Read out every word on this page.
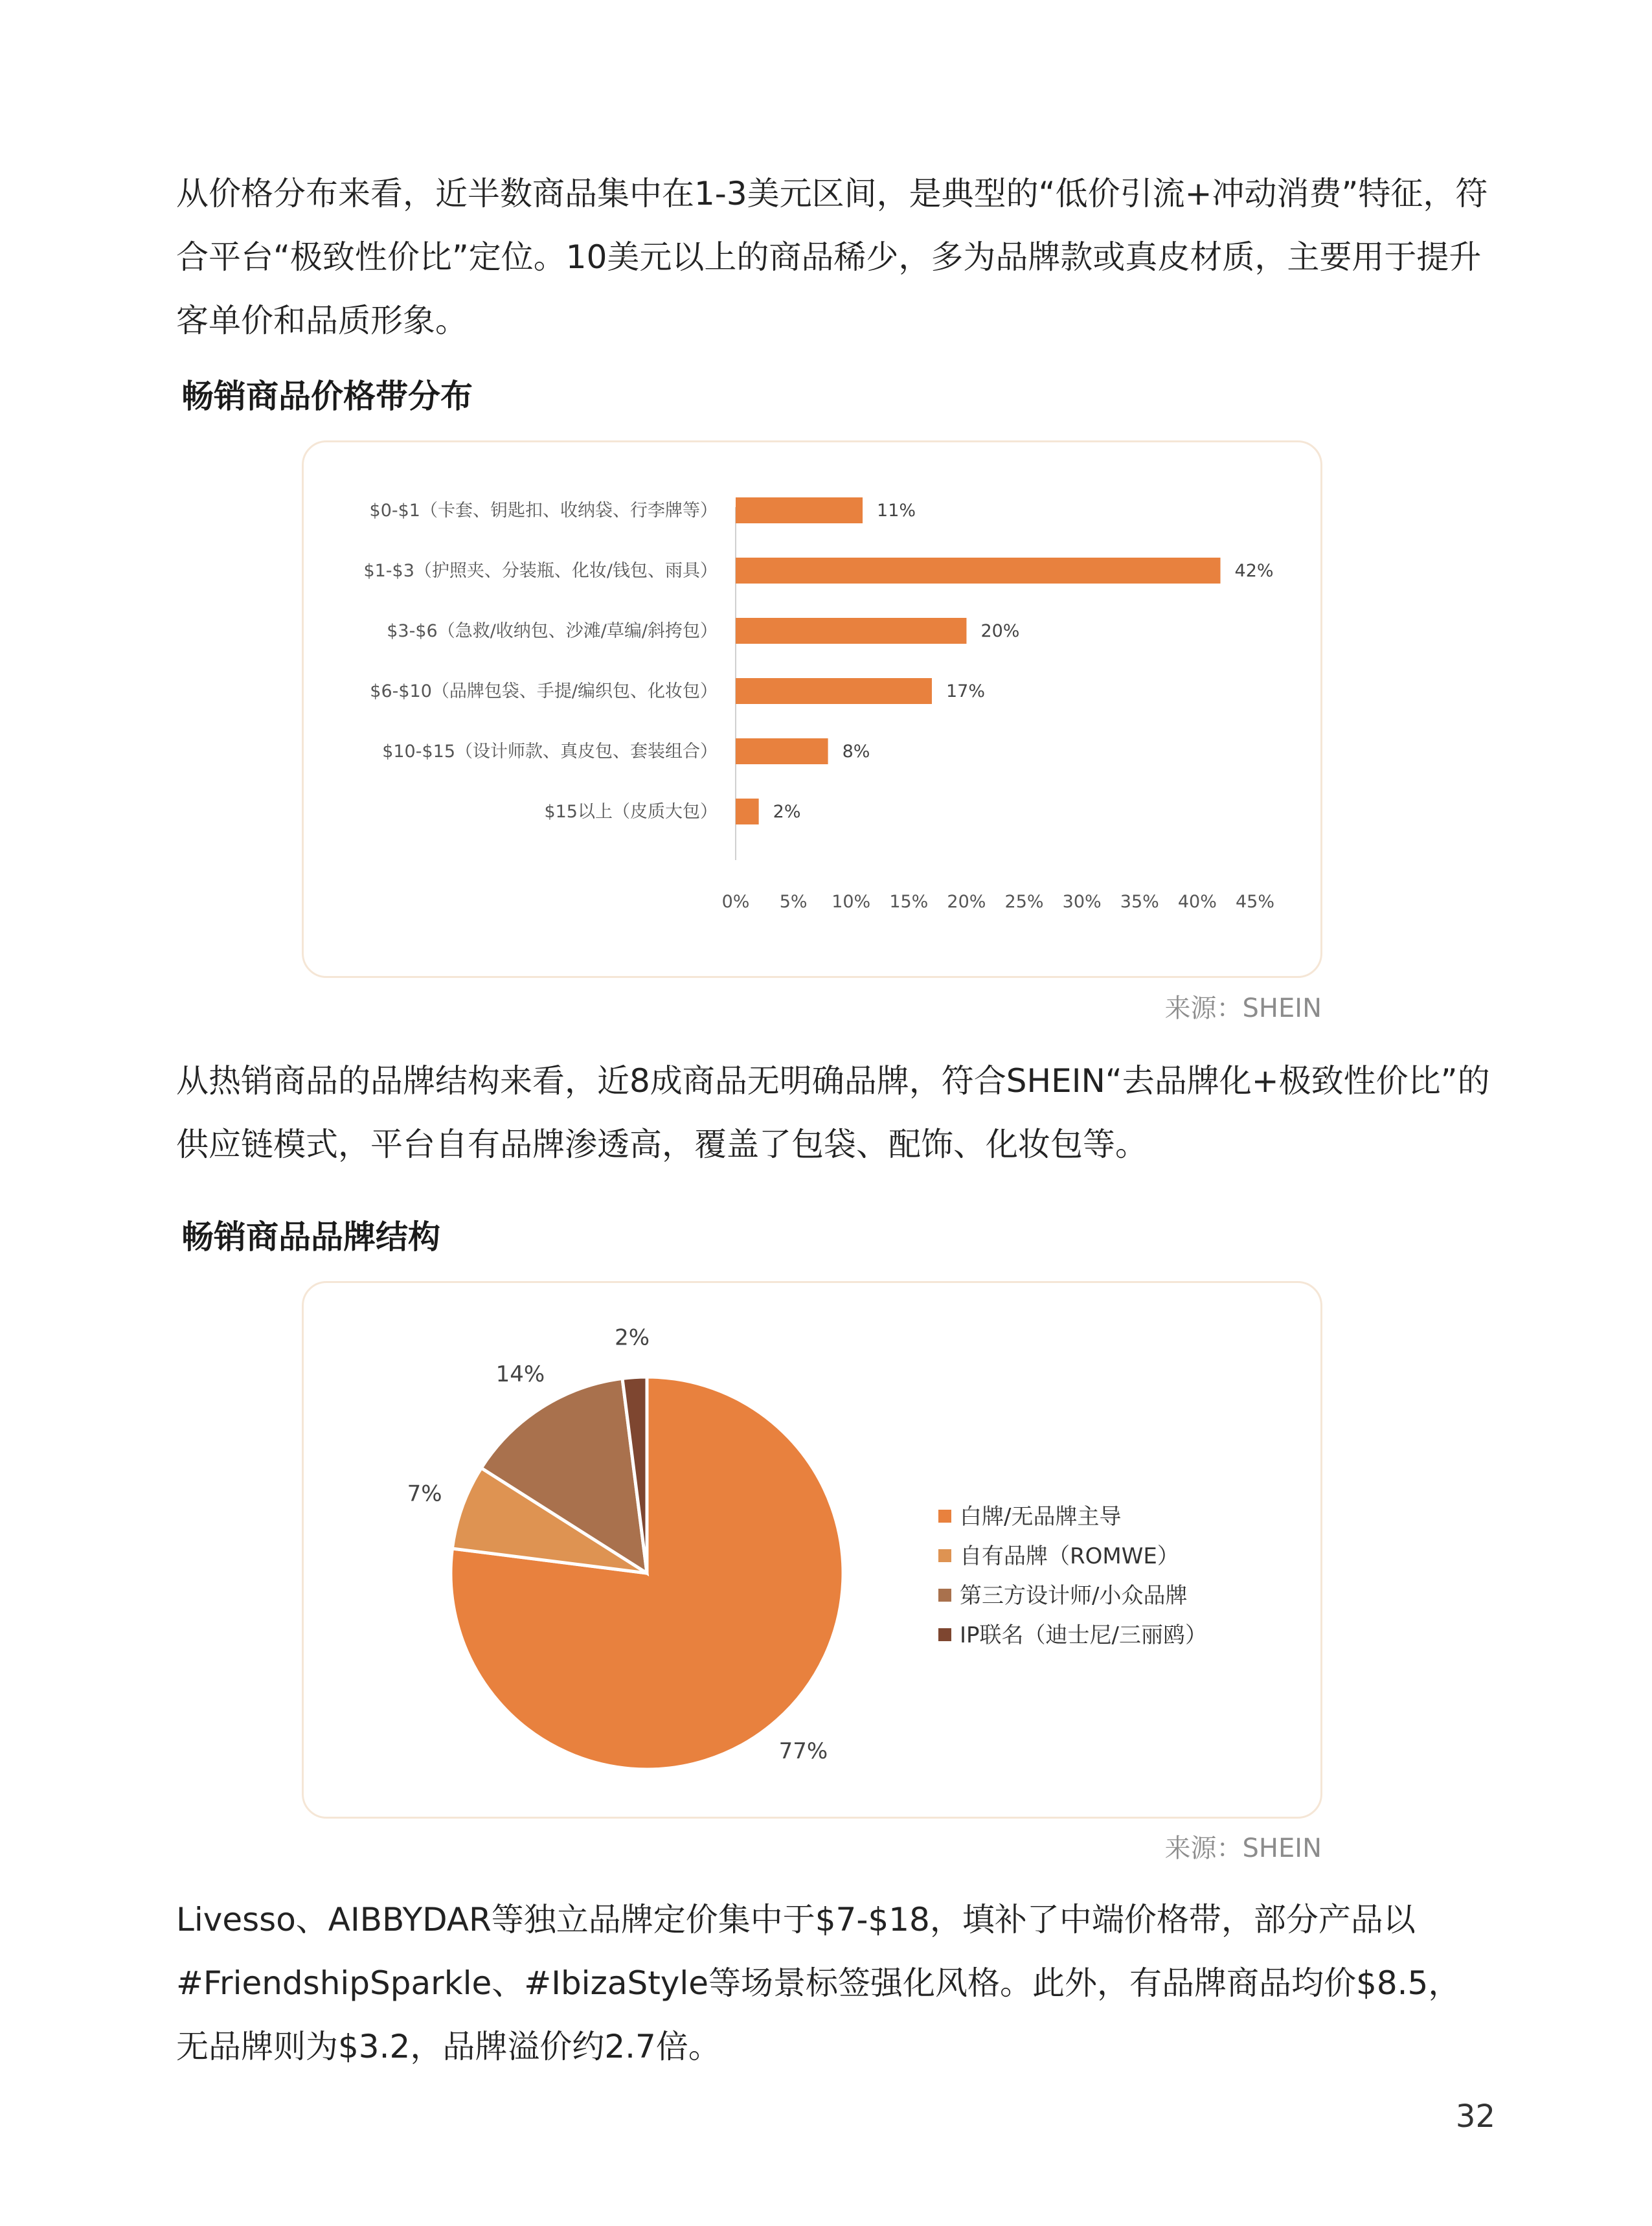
从价格分布来看，近半数商品集中在1-3美元区间，是典型的“低价引流+冲动消费”特征，符合平台“极致性价比”定位。10美元以上的商品稀少，多为品牌款或真皮材质，主要用于提升客单价和品质形象。

畅销商品价格带分布
$0-$1（卡套、钥匙扣、收纳袋、行李牌等）	11%
$1-$3（护照夹、分装瓶、化妆/钱包、雨具）	42%
$3-$6（急救/收纳包、沙滩/草编/斜挎包）	20%
$6-$10（品牌包袋、手提/编织包、化妆包）	17%
$10-$15（设计师款、真皮包、套装组合）	8%
$15以上（皮质大包）	2%
0% 5% 10% 15% 20% 25% 30% 35% 40% 45%

来源：SHEIN

从热销商品的品牌结构来看，近8成商品无明确品牌，符合SHEIN“去品牌化+极致性价比”的供应链模式，平台自有品牌渗透高，覆盖了包袋、配饰、化妆包等。

畅销商品品牌结构
77%
7%
14%
2%
白牌/无品牌主导
自有品牌（ROMWE）
第三方设计师/小众品牌
IP联名（迪士尼/三丽鸥）

来源：SHEIN

Livesso、AIBBYDAR等独立品牌定价集中于$7-$18，填补了中端价格带，部分产品以#FriendshipSparkle、#IbizaStyle等场景标签强化风格。此外，有品牌商品均价$8.5，无品牌则为$3.2，品牌溢价约2.7倍。

32
